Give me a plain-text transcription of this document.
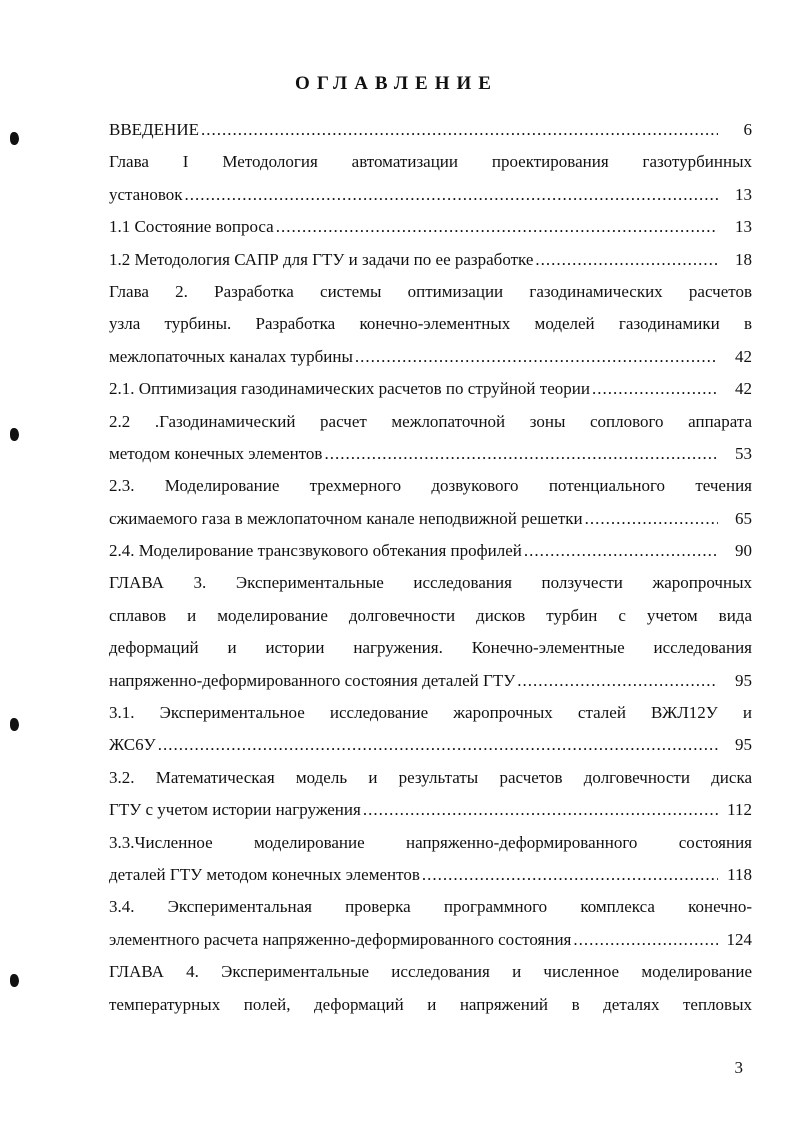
ОГЛАВЛЕНИЕ
ВВЕДЕНИЕ .....	6
Глава I Методология автоматизации проектирования газотурбинных
установок .....	13
1.1 Состояние вопроса .....	13
1.2 Методология САПР для ГТУ и задачи по ее разработке .....	18
Глава 2. Разработка системы оптимизации газодинамических расчетов
узла турбины. Разработка конечно-элементных моделей газодинамики в
межлопаточных каналах турбины .....	42
2.1. Оптимизация газодинамических расчетов по струйной теории .....	42
2.2 .Газодинамический расчет межлопаточной зоны соплового аппарата
методом конечных элементов .....	53
2.3. Моделирование трехмерного дозвукового потенциального течения
сжимаемого газа в межлопаточном канале неподвижной решетки .....	65
2.4. Моделирование трансзвукового обтекания профилей .....	90
ГЛАВА 3. Экспериментальные исследования ползучести жаропрочных
сплавов и моделирование долговечности дисков турбин с учетом вида
деформаций и истории нагружения. Конечно-элементные исследования
напряженно-деформированного состояния деталей ГТУ .....	95
3.1. Экспериментальное исследование жаропрочных сталей ВЖЛ12У и
ЖС6У .....	95
3.2. Математическая модель и результаты расчетов долговечности диска
ГТУ с учетом истории нагружения .....	112
3.3.Численное моделирование напряженно-деформированного состояния
деталей ГТУ методом конечных элементов .....	118
3.4. Экспериментальная проверка программного комплекса конечно-
элементного расчета напряженно-деформированного состояния .....	124
ГЛАВА 4. Экспериментальные исследования и численное моделирование
температурных полей, деформаций и напряжений в деталях тепловых
3
